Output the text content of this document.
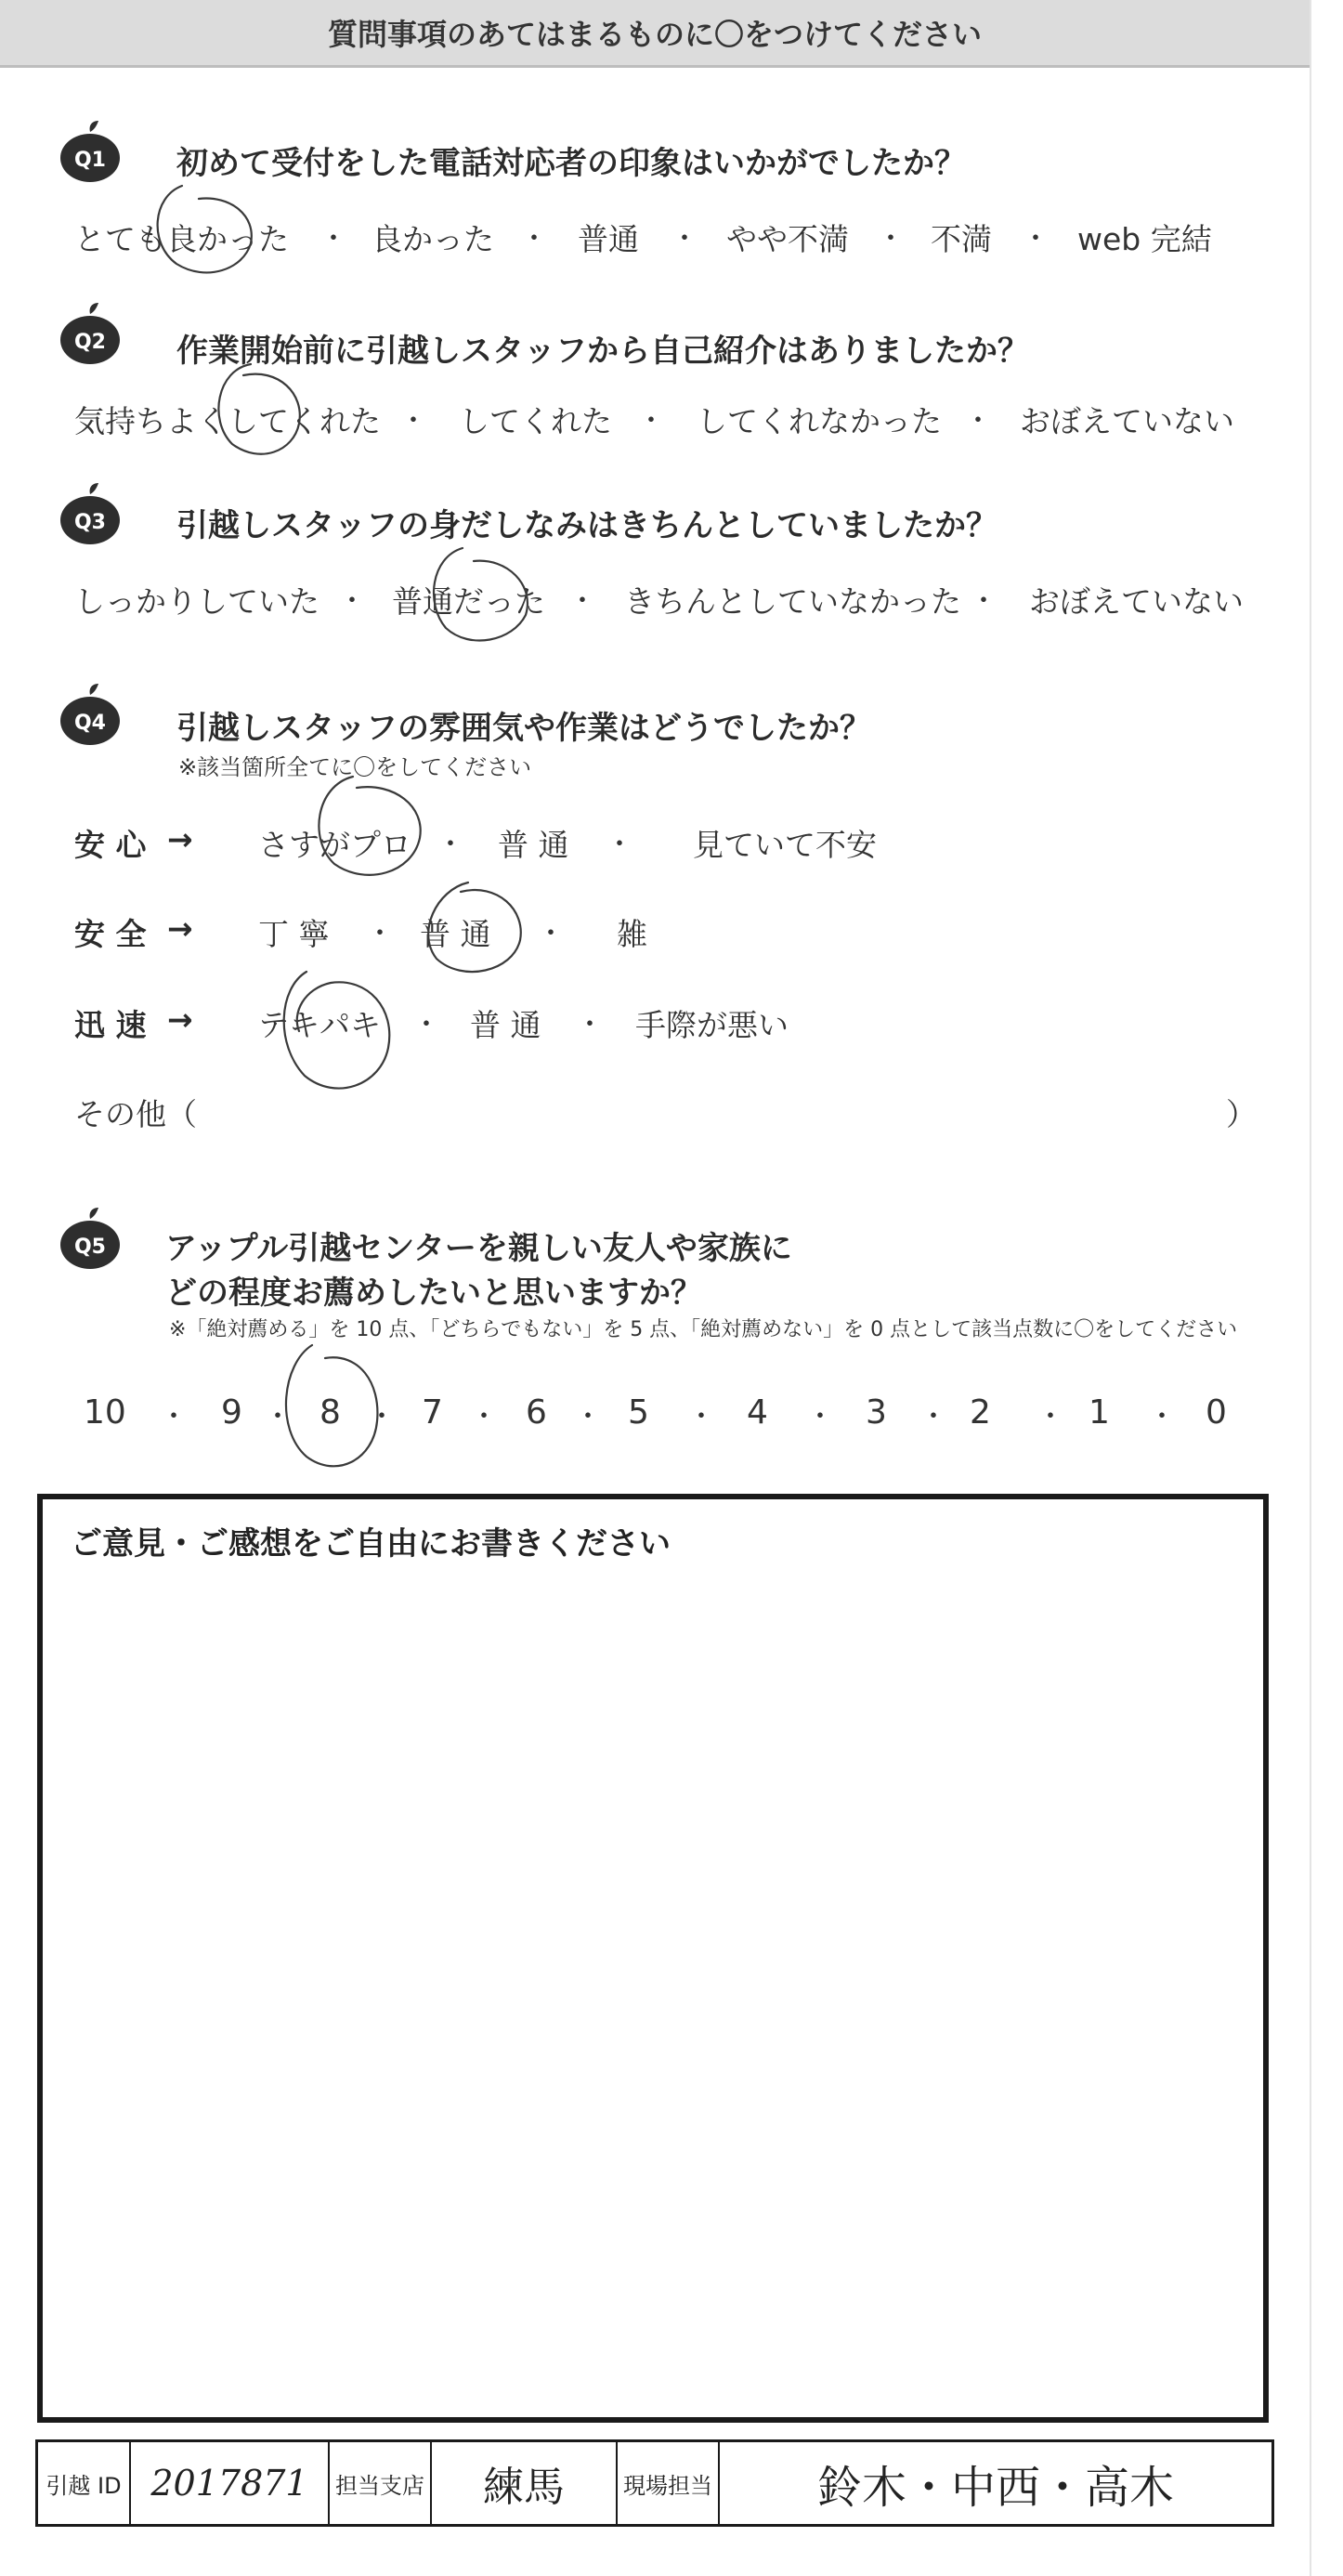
質問事項のあてはまるものに〇をつけてください
Q1 初めて受付をした電話対応者の印象はいかがでしたか？
とても良かった ・ 良かった ・ 普通 ・ やや不満 ・ 不満 ・ web 完結
Q2 作業開始前に引越しスタッフから自己紹介はありましたか？
気持ちよくしてくれた ・ してくれた ・ してくれなかった ・ おぼえていない
Q3 引越しスタッフの身だしなみはきちんとしていましたか？
しっかりしていた ・ 普通だった ・ きちんとしていなかった ・ おぼえていない
Q4 引越しスタッフの雰囲気や作業はどうでしたか？
※該当箇所全てに〇をしてください
安 心 → さすがプロ ・ 普 通 ・ 見ていて不安
安 全 → 丁 寧 ・ 普 通 ・ 雑
迅 速 → テキパキ ・ 普 通 ・ 手際が悪い
その他（	）
Q5 アップル引越センターを親しい友人や家族に
どの程度お薦めしたいと思いますか？
※「絶対薦める」を 10 点、「どちらでもない」を 5 点、「絶対薦めない」を 0 点として該当点数に〇をしてください
10 ・ 9 ・ 8 ・ 7 ・ 6 ・ 5 ・ 4 ・ 3 ・ 2 ・ 1 ・ 0
ご意見・ご感想をご自由にお書きください
引越 ID 2017871	担当支店	練馬	現場担当	鈴木・中西・高木
